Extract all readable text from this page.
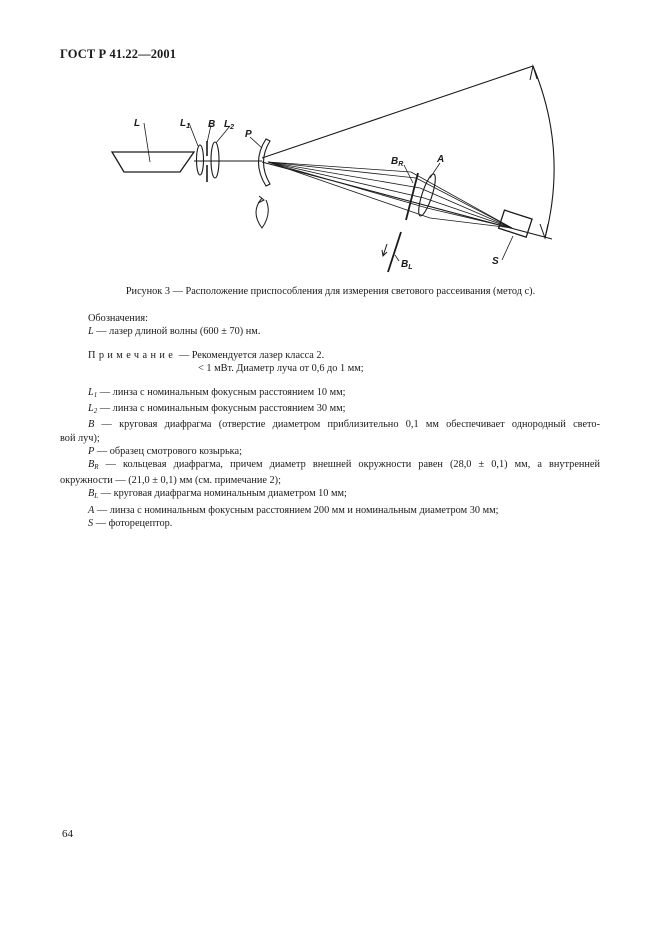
ГОСТ Р 41.22—2001
L	$L_1$ B $L_2$
P
$B_R$	A
$B_L$
S
Рисунок 3 — Расположение приспособления для измерения светового рассеивания (метод с).
Обозначения:
L — лазер длиной волны (600 ± 70) нм.
Примечание — Рекомендуется лазер класса 2.
< 1 мВт. Диаметр луча от 0,6 до 1 мм;
$L_1$ — линза с номинальным фокусным расстоянием 10 мм;
$L_2$ — линза с номинальным фокусным расстоянием 30 мм;
B — круговая диафрагма (отверстие диаметром приблизительно 0,1 мм обеспечивает однородный свето-
вой луч);
P — образец смотрового козырька;
$B_R$ — кольцевая диафрагма, причем диаметр внешней окружности равен (28,0 ± 0,1) мм, а внутренней
окружности — (21,0 ± 0,1) мм (см. примечание 2);
$B_L$ — круговая диафрагма номинальным диаметром 10 мм;
A — линза с номинальным фокусным расстоянием 200 мм и номинальным диаметром 30 мм;
S — фоторецептор.
64
